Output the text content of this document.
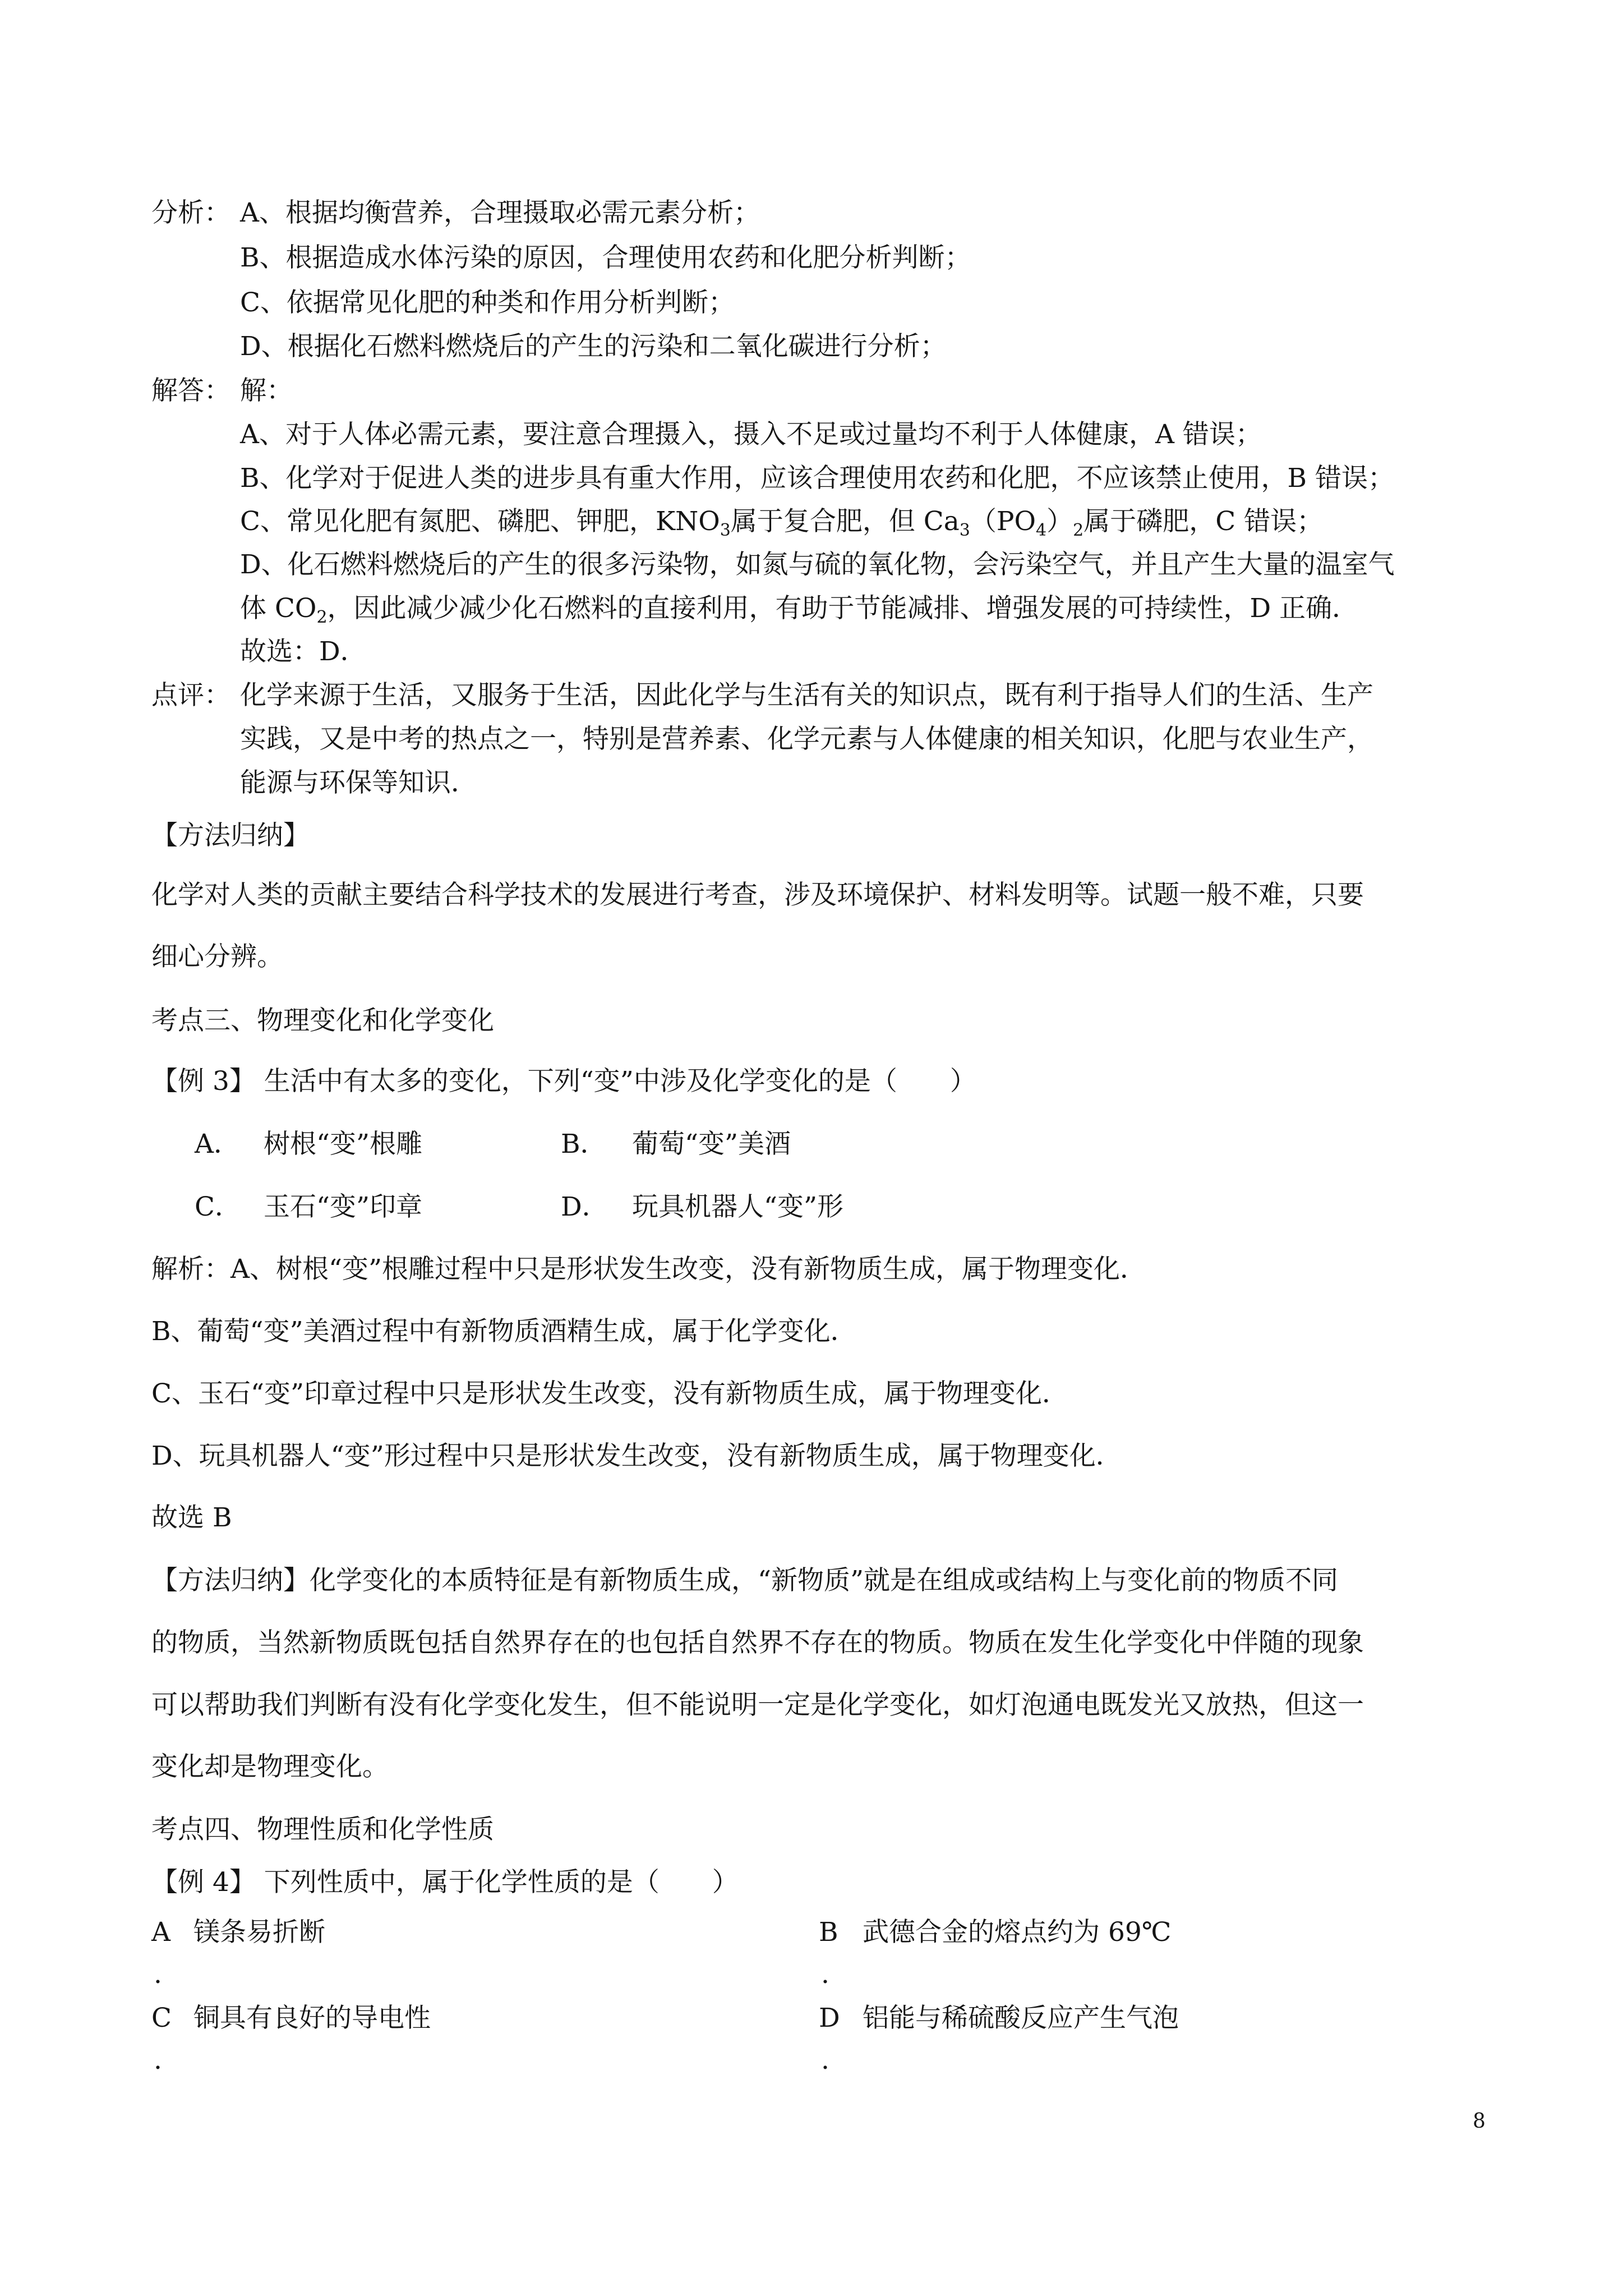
分析： A、根据均衡营养，合理摄取必需元素分析；
B、根据造成水体污染的原因，合理使用农药和化肥分析判断；
C、依据常见化肥的种类和作用分析判断；
D、根据化石燃料燃烧后的产生的污染和二氧化碳进行分析；
解答： 解：
A、对于人体必需元素，要注意合理摄入，摄入不足或过量均不利于人体健康，A 错误；
B、化学对于促进人类的进步具有重大作用，应该合理使用农药和化肥，不应该禁止使用，B 错误；
C、常见化肥有氮肥、磷肥、钾肥，$KNO_3$属于复合肥，但 $Ca_3(PO_4)_2$属于磷肥，C 错误；
D、化石燃料燃烧后的产生的很多污染物，如氮与硫的氧化物，会污染空气，并且产生大量的温室气
体 $CO_2$，因此减少减少化石燃料的直接利用，有助于节能减排、增强发展的可持续性，D 正确．
故选：D．
点评： 化学来源于生活，又服务于生活，因此化学与生活有关的知识点，既有利于指导人们的生活、生产
实践，又是中考的热点之一，特别是营养素、化学元素与人体健康的相关知识，化肥与农业生产，
能源与环保等知识．
【方法归纳】
化学对人类的贡献主要结合科学技术的发展进行考查，涉及环境保护、材料发明等。试题一般不难，只要
细心分辨。
考点三、物理变化和化学变化
【例 3】 生活中有太多的变化，下列“变”中涉及化学变化的是（　　）
A． 树根“变”根雕	B． 葡萄“变”美酒
C． 玉石“变”印章	D． 玩具机器人“变”形
解析：A、树根“变”根雕过程中只是形状发生改变，没有新物质生成，属于物理变化．
B、葡萄“变”美酒过程中有新物质酒精生成，属于化学变化．
C、玉石“变”印章过程中只是形状发生改变，没有新物质生成，属于物理变化．
D、玩具机器人“变”形过程中只是形状发生改变，没有新物质生成，属于物理变化．
故选 B
【方法归纳】化学变化的本质特征是有新物质生成，“新物质”就是在组成或结构上与变化前的物质不同
的物质，当然新物质既包括自然界存在的也包括自然界不存在的物质。物质在发生化学变化中伴随的现象
可以帮助我们判断有没有化学变化发生，但不能说明一定是化学变化，如灯泡通电既发光又放热，但这一
变化却是物理变化。
考点四、物理性质和化学性质
【例 4】 下列性质中，属于化学性质的是（　　）
A 镁条易折断
.
B 武德合金的熔点约为 69℃
.
C 铜具有良好的导电性
.
D 铝能与稀硫酸反应产生气泡
.
8
